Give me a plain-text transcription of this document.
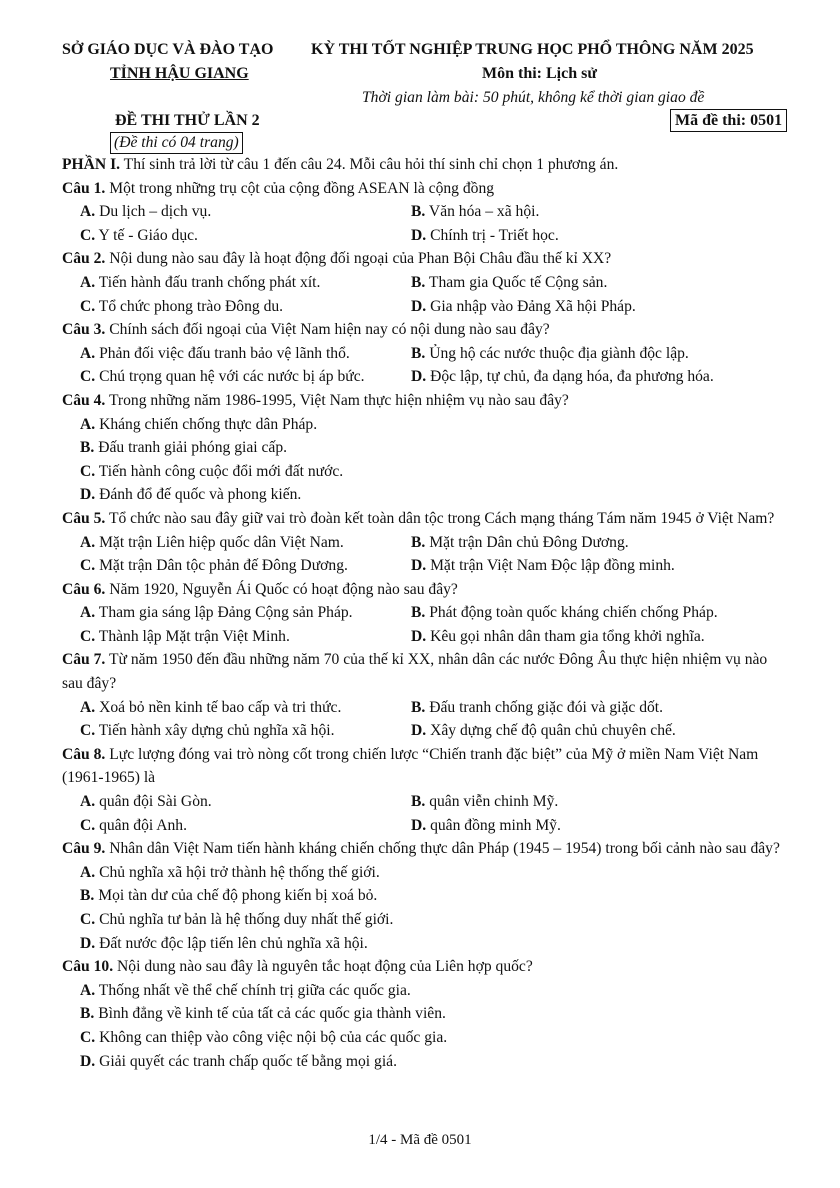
SỞ GIÁO DỤC VÀ ĐÀO TẠO
TỈNH HẬU GIANG
KỲ THI TỐT NGHIỆP TRUNG HỌC PHỔ THÔNG NĂM 2025
Môn thi: Lịch sử
Thời gian làm bài: 50 phút, không kể thời gian giao đề
ĐỀ THI THỬ LẦN 2
(Đề thi có 04 trang)
Mã đề thi: 0501

PHẦN I. Thí sinh trả lời từ câu 1 đến câu 24. Mỗi câu hỏi thí sinh chỉ chọn 1 phương án.

Câu 1. Một trong những trụ cột của cộng đồng ASEAN là cộng đồng
A. Du lịch – dịch vụ.	B. Văn hóa – xã hội.
C. Y tế - Giáo dục.	D. Chính trị - Triết học.
Câu 2. Nội dung nào sau đây là hoạt động đối ngoại của Phan Bội Châu đầu thế kỉ XX?
A. Tiến hành đấu tranh chống phát xít.	B. Tham gia Quốc tế Cộng sản.
C. Tổ chức phong trào Đông du.	D. Gia nhập vào Đảng Xã hội Pháp.
Câu 3. Chính sách đối ngoại của Việt Nam hiện nay có nội dung nào sau đây?
A. Phản đối việc đấu tranh bảo vệ lãnh thổ.	B. Ủng hộ các nước thuộc địa giành độc lập.
C. Chú trọng quan hệ với các nước bị áp bức.	D. Độc lập, tự chủ, đa dạng hóa, đa phương hóa.
Câu 4. Trong những năm 1986-1995, Việt Nam thực hiện nhiệm vụ nào sau đây?
A. Kháng chiến chống thực dân Pháp.
B. Đấu tranh giải phóng giai cấp.
C. Tiến hành công cuộc đổi mới đất nước.
D. Đánh đổ đế quốc và phong kiến.
Câu 5. Tổ chức nào sau đây giữ vai trò đoàn kết toàn dân tộc trong Cách mạng tháng Tám năm 1945 ở Việt Nam?
A. Mặt trận Liên hiệp quốc dân Việt Nam.	B. Mặt trận Dân chủ Đông Dương.
C. Mặt trận Dân tộc phản đế Đông Dương.	D. Mặt trận Việt Nam Độc lập đồng minh.
Câu 6. Năm 1920, Nguyễn Ái Quốc có hoạt động nào sau đây?
A. Tham gia sáng lập Đảng Cộng sản Pháp.	B. Phát động toàn quốc kháng chiến chống Pháp.
C. Thành lập Mặt trận Việt Minh.	D. Kêu gọi nhân dân tham gia tổng khởi nghĩa.
Câu 7. Từ năm 1950 đến đầu những năm 70 của thế kỉ XX, nhân dân các nước Đông Âu thực hiện nhiệm vụ nào sau đây?
A. Xoá bỏ nền kinh tế bao cấp và tri thức.	B. Đấu tranh chống giặc đói và giặc dốt.
C. Tiến hành xây dựng chủ nghĩa xã hội.	D. Xây dựng chế độ quân chủ chuyên chế.
Câu 8. Lực lượng đóng vai trò nòng cốt trong chiến lược “Chiến tranh đặc biệt” của Mỹ ở miền Nam Việt Nam (1961-1965) là
A. quân đội Sài Gòn.	B. quân viễn chinh Mỹ.
C. quân đội Anh.	D. quân đồng minh Mỹ.
Câu 9. Nhân dân Việt Nam tiến hành kháng chiến chống thực dân Pháp (1945 – 1954) trong bối cảnh nào sau đây?
A. Chủ nghĩa xã hội trở thành hệ thống thế giới.
B. Mọi tàn dư của chế độ phong kiến bị xoá bỏ.
C. Chủ nghĩa tư bản là hệ thống duy nhất thế giới.
D. Đất nước độc lập tiến lên chủ nghĩa xã hội.
Câu 10. Nội dung nào sau đây là nguyên tắc hoạt động của Liên hợp quốc?
A. Thống nhất về thể chế chính trị giữa các quốc gia.
B. Bình đẳng về kinh tế của tất cả các quốc gia thành viên.
C. Không can thiệp vào công việc nội bộ của các quốc gia.
D. Giải quyết các tranh chấp quốc tế bằng mọi giá.
1/4 - Mã đề 0501
